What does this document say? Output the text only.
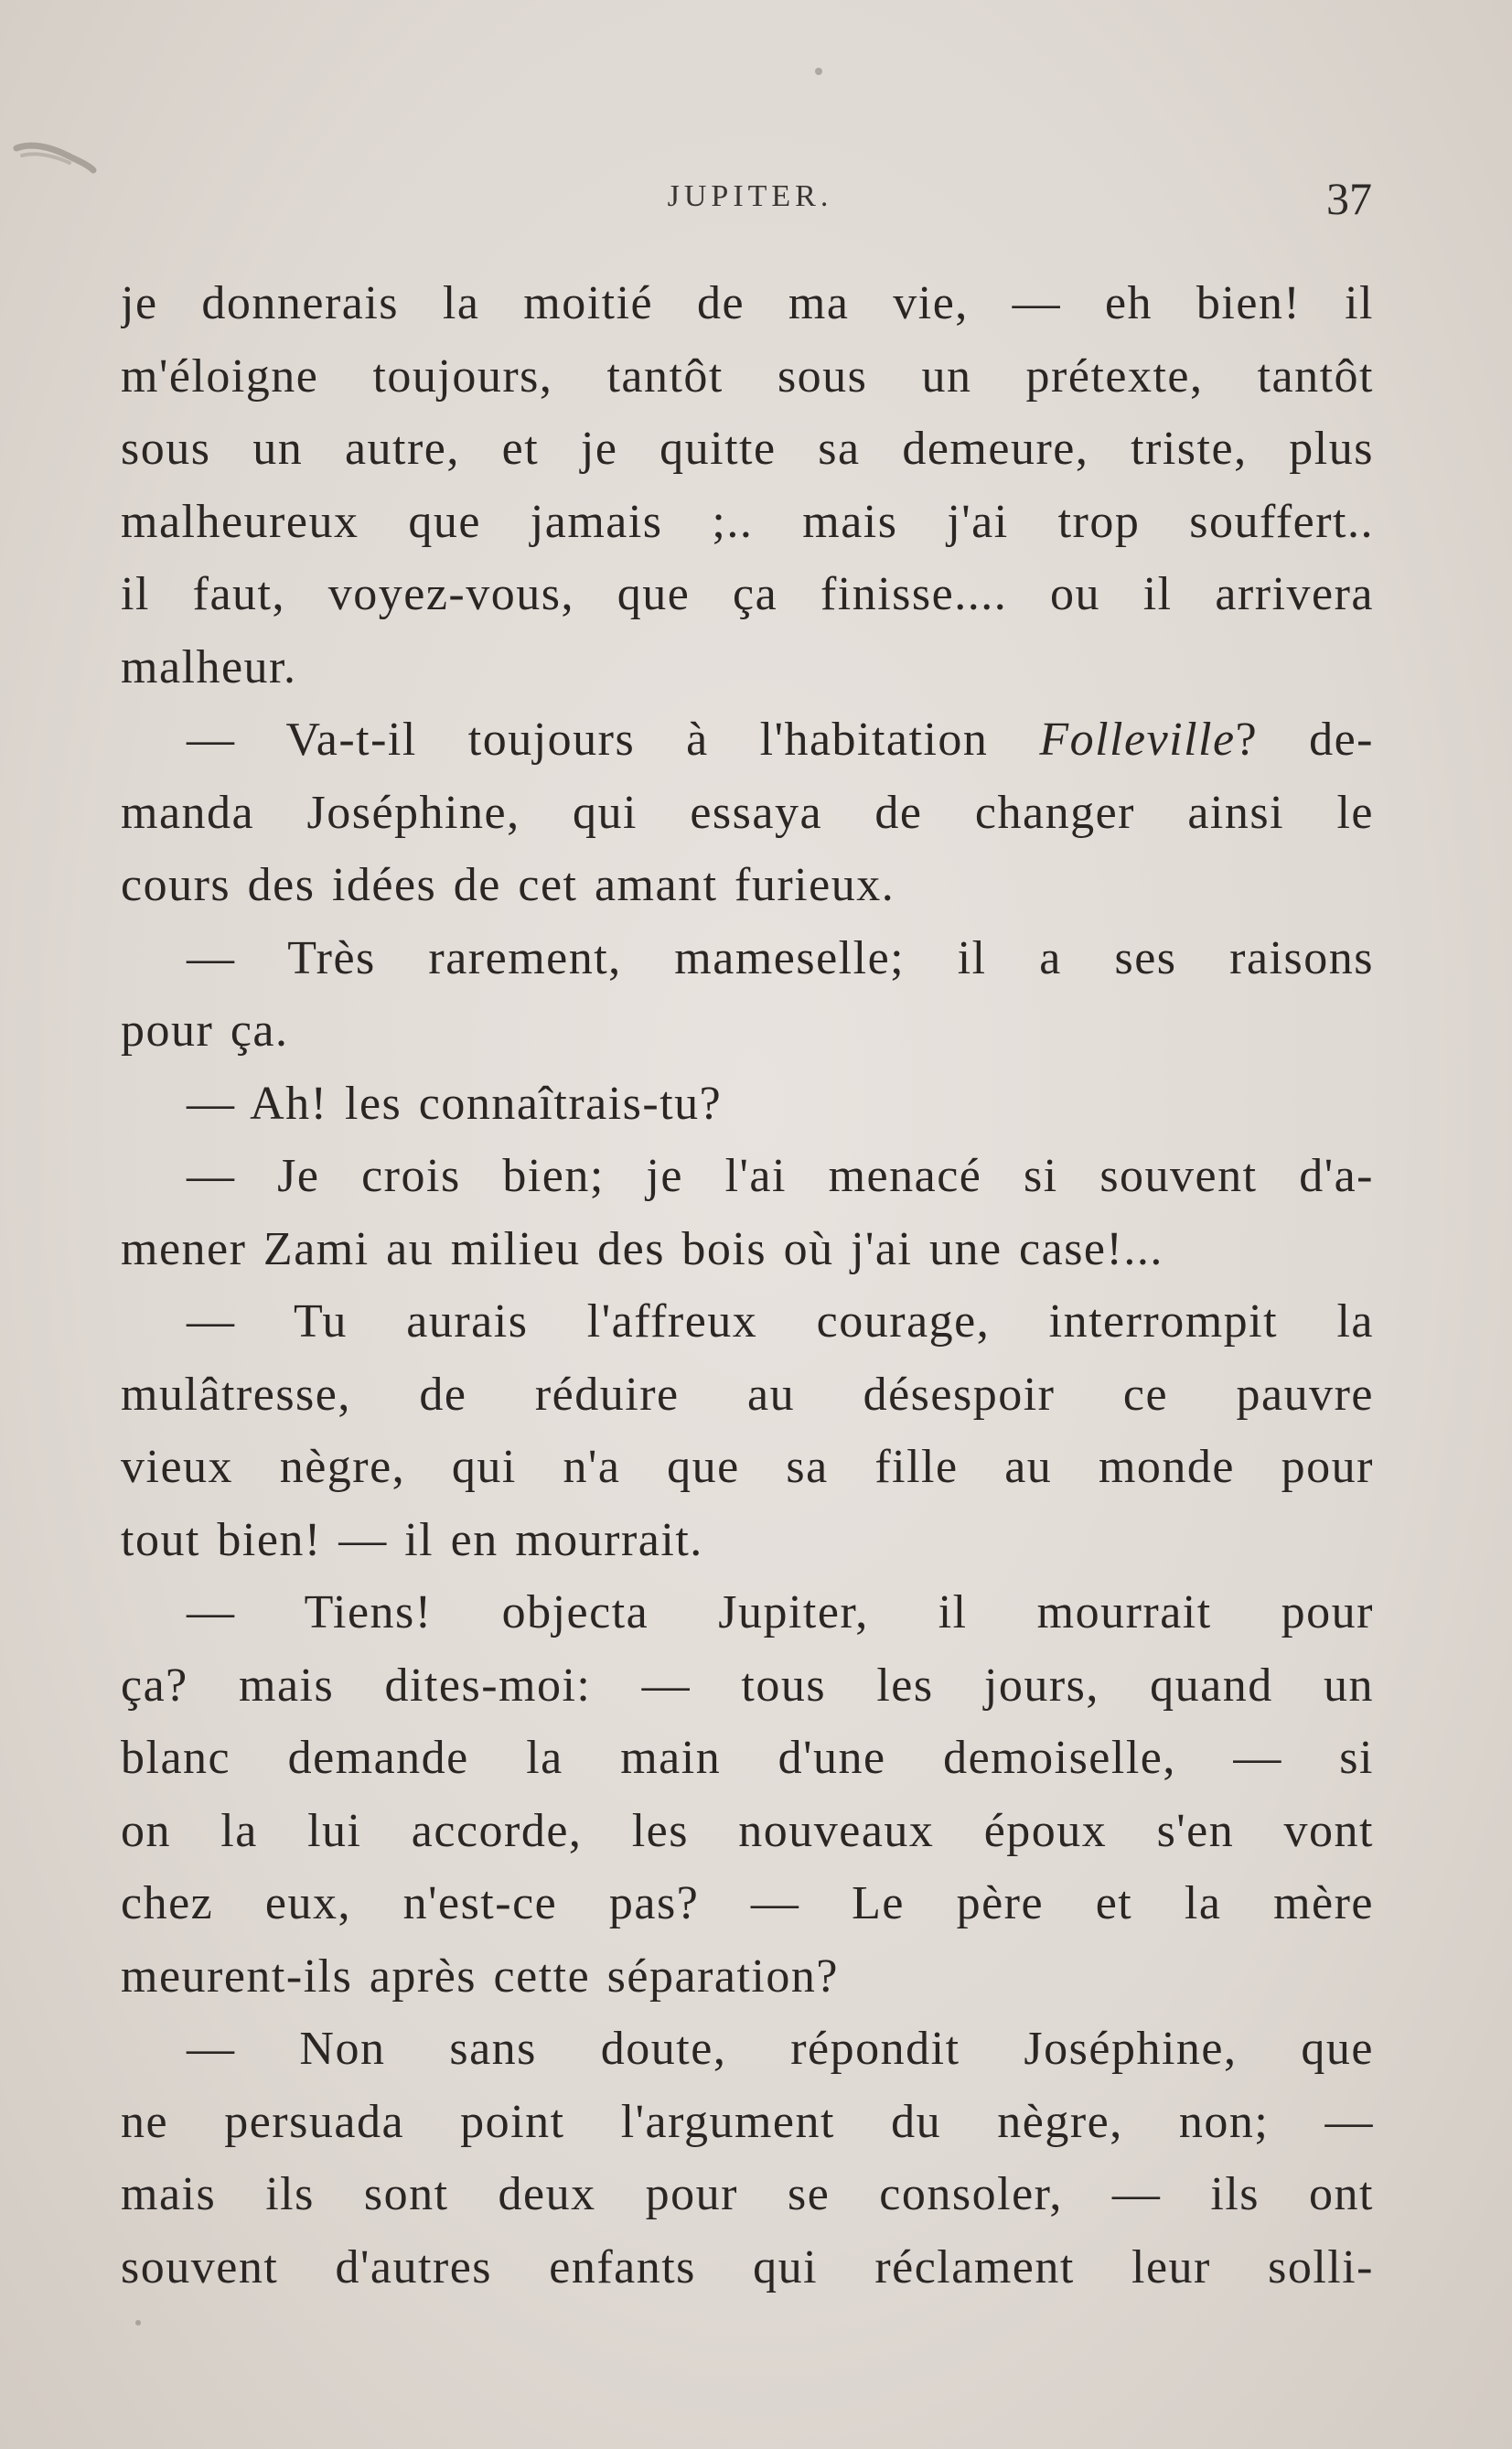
JUPITER.	37
je donnerais la moitié de ma vie, — eh bien! il
m'éloigne toujours, tantôt sous un prétexte, tantôt
sous un autre, et je quitte sa demeure, triste, plus
malheureux que jamais ;.. mais j'ai trop souffert..
il faut, voyez-vous, que ça finisse.... ou il arrivera
malheur.
— Va-t-il toujours à l'habitation Folleville? de-
manda Joséphine, qui essaya de changer ainsi le
cours des idées de cet amant furieux.
— Très rarement, mameselle; il a ses raisons
pour ça.
— Ah! les connaîtrais-tu?
— Je crois bien; je l'ai menacé si souvent d'a-
mener Zami au milieu des bois où j'ai une case!...
— Tu aurais l'affreux courage, interrompit la
mulâtresse, de réduire au désespoir ce pauvre
vieux nègre, qui n'a que sa fille au monde pour
tout bien! — il en mourrait.
— Tiens! objecta Jupiter, il mourrait pour
ça? mais dites-moi: — tous les jours, quand un
blanc demande la main d'une demoiselle, — si
on la lui accorde, les nouveaux époux s'en vont
chez eux, n'est-ce pas? — Le père et la mère
meurent-ils après cette séparation?
— Non sans doute, répondit Joséphine, que
ne persuada point l'argument du nègre, non; —
mais ils sont deux pour se consoler, — ils ont
souvent d'autres enfants qui réclament leur solli-
